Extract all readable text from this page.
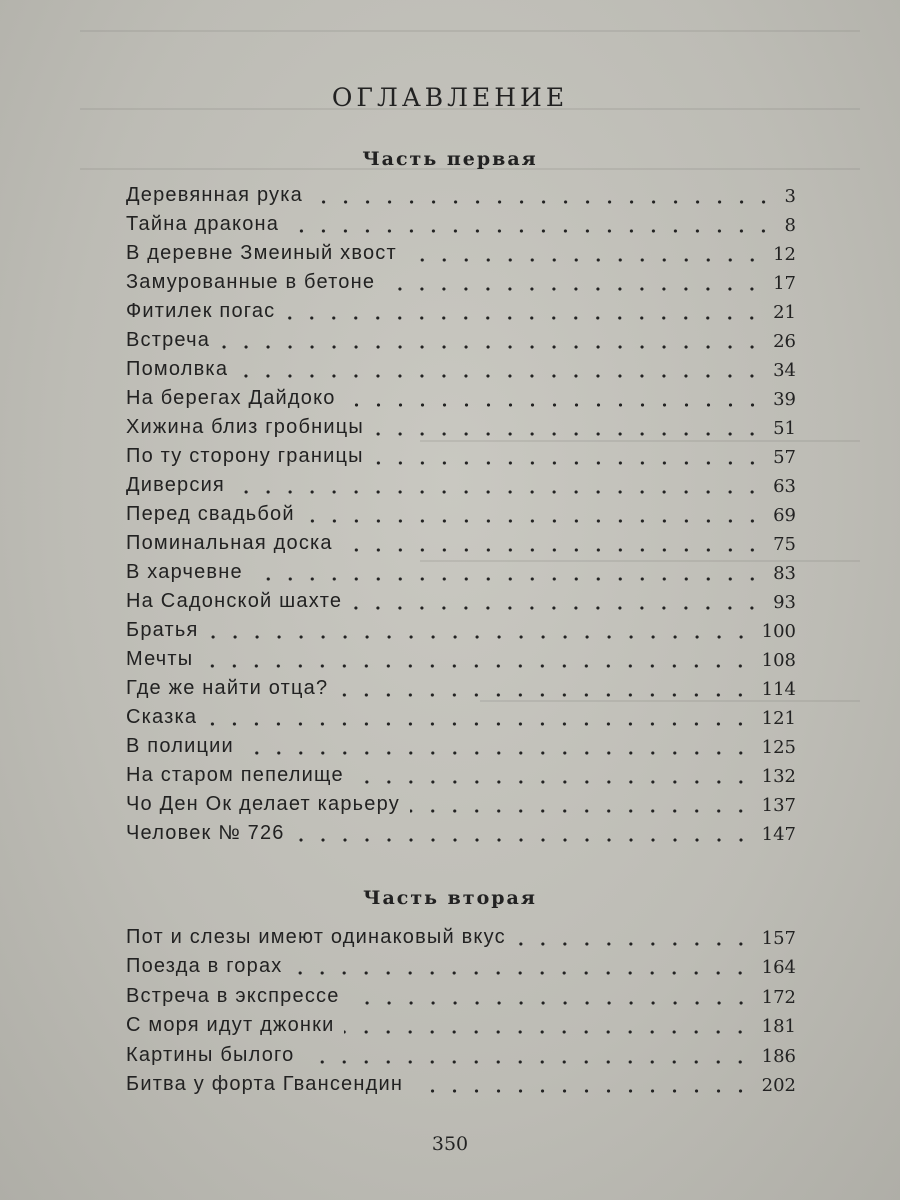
ОГЛАВЛЕНИЕ
Часть первая
Деревянная рука	3
Тайна дракона	8
В деревне Змеиный хвост	12
Замурованные в бетоне	17
Фитилек погас	21
Встреча	26
Помолвка	34
На берегах Дайдоко	39
Хижина близ гробницы	51
По ту сторону границы	57
Диверсия	63
Перед свадьбой	69
Поминальная доска	75
В харчевне	83
На Садонской шахте	93
Братья	100
Мечты	108
Где же найти отца?	114
Сказка	121
В полиции	125
На старом пепелище	132
Чо Ден Ок делает карьеру	137
Человек № 726	147
Часть вторая
Пот и слезы имеют одинаковый вкус	157
Поезда в горах	164
Встреча в экспрессе	172
С моря идут джонки	181
Картины былого	186
Битва у форта Гвансендин	202
350
